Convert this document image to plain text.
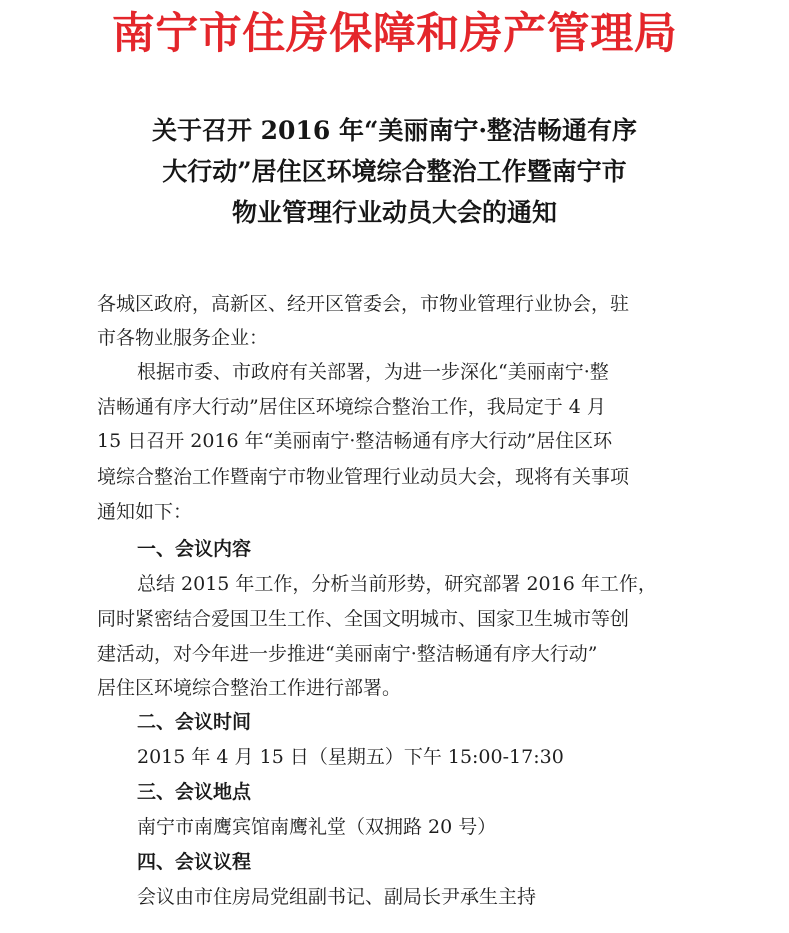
南宁市住房保障和房产管理局
关于召开 2016 年“美丽南宁·整洁畅通有序
大行动”居住区环境综合整治工作暨南宁市
物业管理行业动员大会的通知
各城区政府，高新区、经开区管委会，市物业管理行业协会，驻
市各物业服务企业：
根据市委、市政府有关部署，为进一步深化“美丽南宁·整
洁畅通有序大行动”居住区环境综合整治工作，我局定于 4 月
15 日召开 2016 年“美丽南宁·整洁畅通有序大行动”居住区环
境综合整治工作暨南宁市物业管理行业动员大会，现将有关事项
通知如下：
一、会议内容
总结 2015 年工作，分析当前形势，研究部署 2016 年工作，
同时紧密结合爱国卫生工作、全国文明城市、国家卫生城市等创
建活动，对今年进一步推进“美丽南宁·整洁畅通有序大行动”
居住区环境综合整治工作进行部署。
二、会议时间
2015 年 4 月 15 日（星期五）下午 15:00-17:30
三、会议地点
南宁市南鹰宾馆南鹰礼堂（双拥路 20 号）
四、会议议程
会议由市住房局党组副书记、副局长尹承生主持
